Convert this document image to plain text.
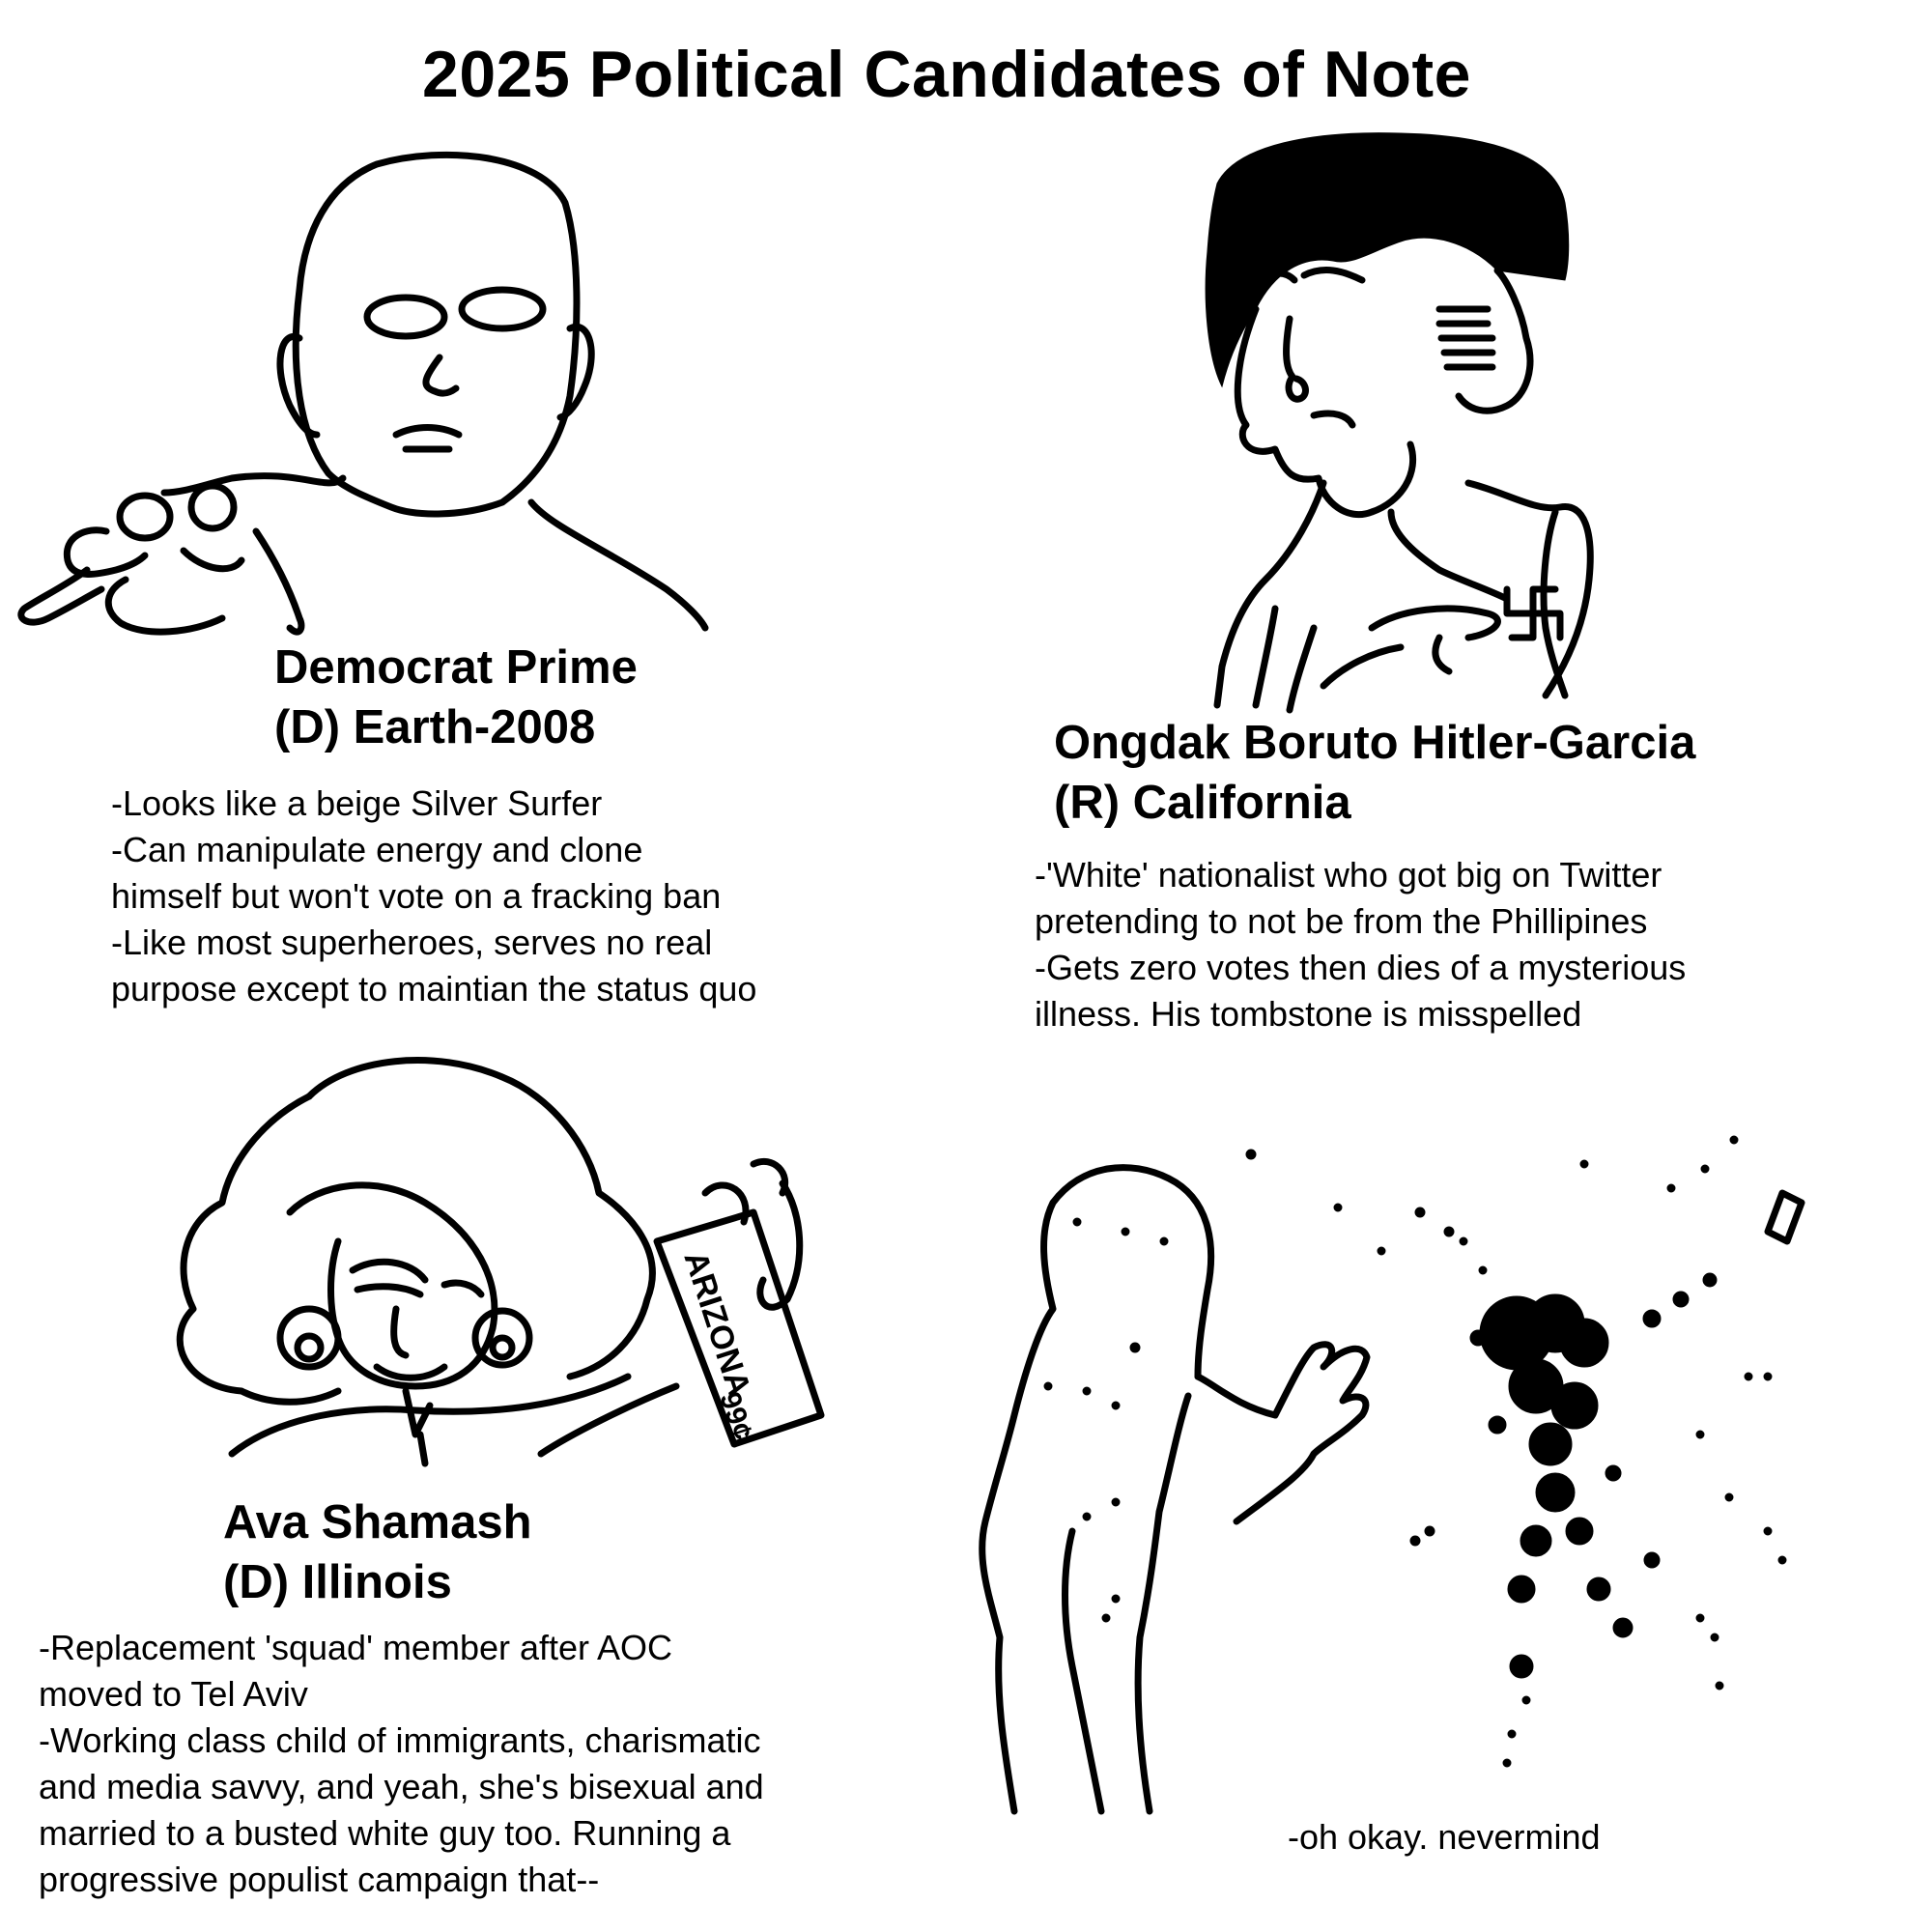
2025 Political Candidates of Note
Democrat Prime
(D) Earth-2008
-Looks like a beige Silver Surfer
-Can manipulate energy and clone
himself but won't vote on a fracking ban
-Like most superheroes, serves no real
purpose except to maintian the status quo
Ongdak Boruto Hitler-Garcia
(R) California
-'White' nationalist who got big on Twitter
pretending to not be from the Phillipines
-Gets zero votes then dies of a mysterious
illness. His tombstone is misspelled
ARIZONA
99¢
Ava Shamash
(D) Illinois
-Replacement 'squad' member after AOC
moved to Tel Aviv
-Working class child of immigrants, charismatic
and media savvy, and yeah, she's bisexual and
married to a busted white guy too. Running a
progressive populist campaign that--
-oh okay. nevermind
